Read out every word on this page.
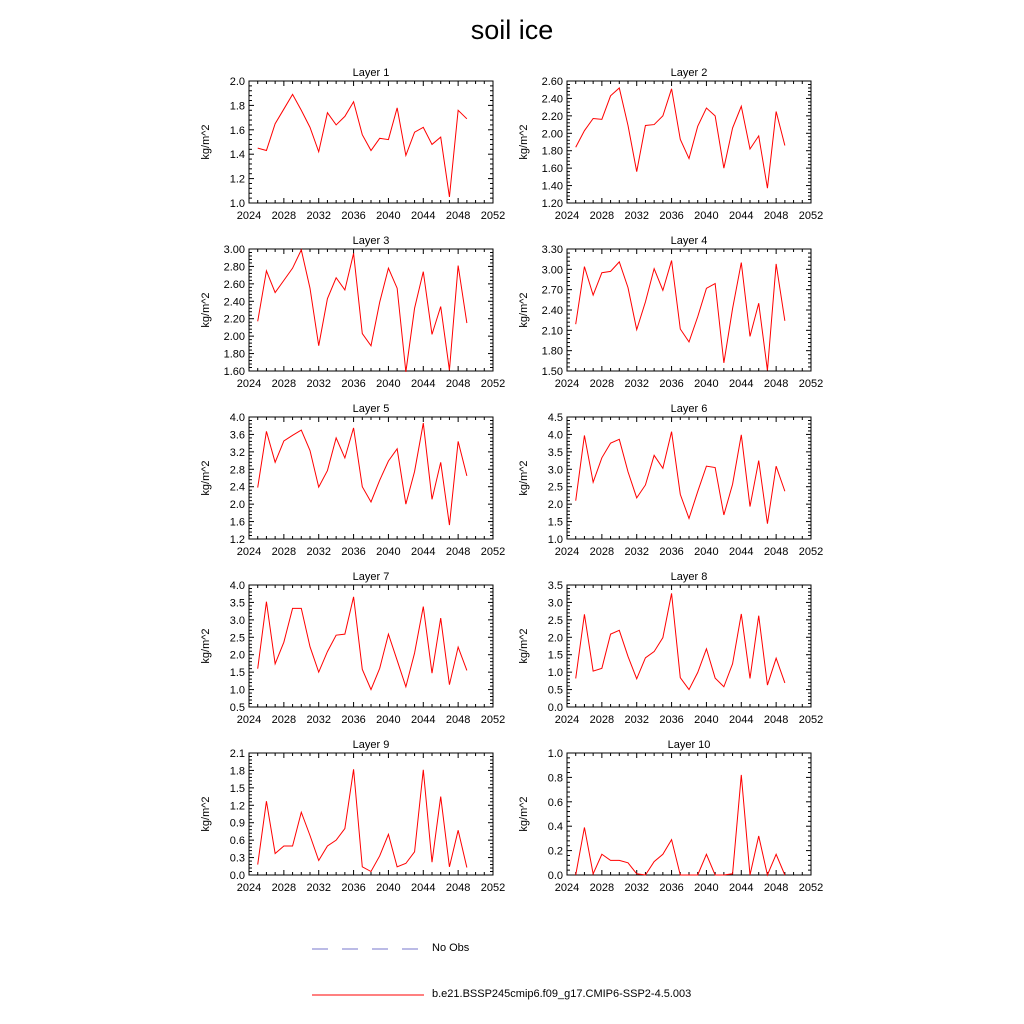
soil ice
Layer 1
kg/m^2
2024 2028 2032 2036 2040 2044 2048 2052
1.0
1.2
1.4
1.6
1.8
2.0
Layer 2
kg/m^2
2024 2028 2032 2036 2040 2044 2048 2052
1.20
1.40
1.60
1.80
2.00
2.20
2.40
2.60
Layer 3
kg/m^2
2024 2028 2032 2036 2040 2044 2048 2052
1.60
1.80
2.00
2.20
2.40
2.60
2.80
3.00
Layer 4
kg/m^2
2024 2028 2032 2036 2040 2044 2048 2052
1.50
1.80
2.10
2.40
2.70
3.00
3.30
Layer 5
kg/m^2
2024 2028 2032 2036 2040 2044 2048 2052
1.2
1.6
2.0
2.4
2.8
3.2
3.6
4.0
Layer 6
kg/m^2
2024 2028 2032 2036 2040 2044 2048 2052
1.0
1.5
2.0
2.5
3.0
3.5
4.0
4.5
Layer 7
kg/m^2
2024 2028 2032 2036 2040 2044 2048 2052
0.5
1.0
1.5
2.0
2.5
3.0
3.5
4.0
Layer 8
kg/m^2
2024 2028 2032 2036 2040 2044 2048 2052
0.0
0.5
1.0
1.5
2.0
2.5
3.0
3.5
Layer 9
kg/m^2
2024 2028 2032 2036 2040 2044 2048 2052
0.0
0.3
0.6
0.9
1.2
1.5
1.8
2.1
Layer 10
kg/m^2
2024 2028 2032 2036 2040 2044 2048 2052
0.0
0.2
0.4
0.6
0.8
1.0
No Obs
b.e21.BSSP245cmip6.f09_g17.CMIP6-SSP2-4.5.003
